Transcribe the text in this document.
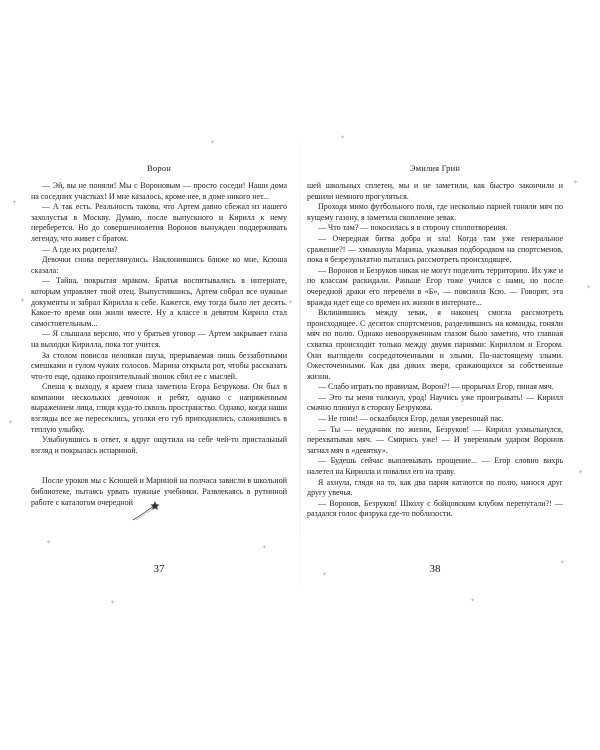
Ворон

— Эй, вы не поняли! Мы с Вороновым — просто соседи! Наши дома на соседних участках! И мне казалось, кроме нее, в доме никого нет...

— А так есть. Реальность такова, что Артем давно сбежал из нашего захолустья в Москву. Думаю, после выпускного и Кирилл к нему переберется. Но до совершеннолетия Воронов вынужден поддерживать легенду, что живет с братом.

— А где их родители?

Девочки снова переглянулись. Наклонившись ближе ко мне, Ксюша сказала:

— Тайна, покрытая мраком. Братья воспитывались в интернате, которым управляет твой отец. Выпустившись, Артем собрал все нужные документы и забрал Кирилла к себе. Кажется, ему тогда было лет десять. Какое-то время они жили вместе. Ну а классе в девятом Кирилл стал самостоятельным...

— Я слышала версию, что у братьев уговор — Артем закрывает глаза на выходки Кирилла, пока тот учится.

За столом повисла неловкая пауза, прерываемая лишь беззаботными смешками и гулом чужих голосов. Марина открыла рот, чтобы рассказать что-то еще, однако пронзительный звонок сбил ее с мыслей.

Спеша к выходу, я краем глаза заметила Егора Безрукова. Он был в компании нескольких девчонок и ребят, однако с напряженным выражением лица, глядя куда-то сквозь пространство. Однако, когда наши взгляды все же пересеклись, уголки его губ приподнялись, сложившись в теплую улыбку.

Улыбнувшись в ответ, я вдруг ощутила на себе чей-то пристальный взгляд и покрылась испариной.

После уроков мы с Ксюшей и Мариной на полчаса зависли в школьной библиотеке, пытаясь урвать нужные учебники. Развлекаясь в рутинной работе с каталогом очередной

37
Эмилия Грин

шей школьных сплетен, мы и не заметили, как быстро закончили и решили немного прогуляться.

Проходя мимо футбольного поля, где несколько парней гоняли мяч по кущему газону, я заметила скопление зевак.

— Что там? — покосилась я в сторону столпотворения.

— Очередная битва добра и зла! Когда там уже генеральное сражение?! — хмыкнула Марина, указывая подбородком на спортсменов, пока я безрезультатно пыталась рассмотреть происходящее.

— Воронов и Безруков никак не могут поделить территорию. Их уже и по классам раскидали. Раньше Егор тоже учился с нами, но после очередной драки его перевели в «Б», — пояснила Ксю. — Говорят, эта вражда идет еще со времен их жизни в интернате...

Вклинившись между зевак, я наконец смогла рассмотреть происходящее. С десяток спортсменов, разделившись на команды, гоняли мяч по полю. Однако невооруженным глазом было заметно, что главная схватка происходит только между двумя парнями: Кириллом и Егором. Они выглядели сосредоточенными и злыми. По-настоящему злыми. Ожесточенными. Как два диких зверя, сражающихся за собственные жизни.

— Слабо играть по правилам, Ворон?! — прорычал Егор, пиная мяч.

— Это ты меня толкнул, урод! Научись уже проигрывать! — Кирилл смачно плюнул в сторону Безрукова.

— Не гони! — оскалбился Егор, делая уверенный пас.

— Ты — неудачник по жизни, Безруков! — Кирилл ухмыльнулся, перехватывая мяч. — Смирись уже! — И уверенным ударом Воронов загнал мяч в «девятку».

— Будешь сейчас выплевывать прощение... — Егор словно вихрь налетел на Кирилла и повалил его на траву.

Я ахнула, глядя на то, как два парня катаются по полю, нанося друг другу увечья.

— Воронов, Безруков! Школу с бойцовским клубом перепутали?! — раздался голос физрука где-то поблизости.

38
✦
✦
✦
✦
✦
✦
✦
✦
✦
✦
✦
✦
✦
✦
✦
